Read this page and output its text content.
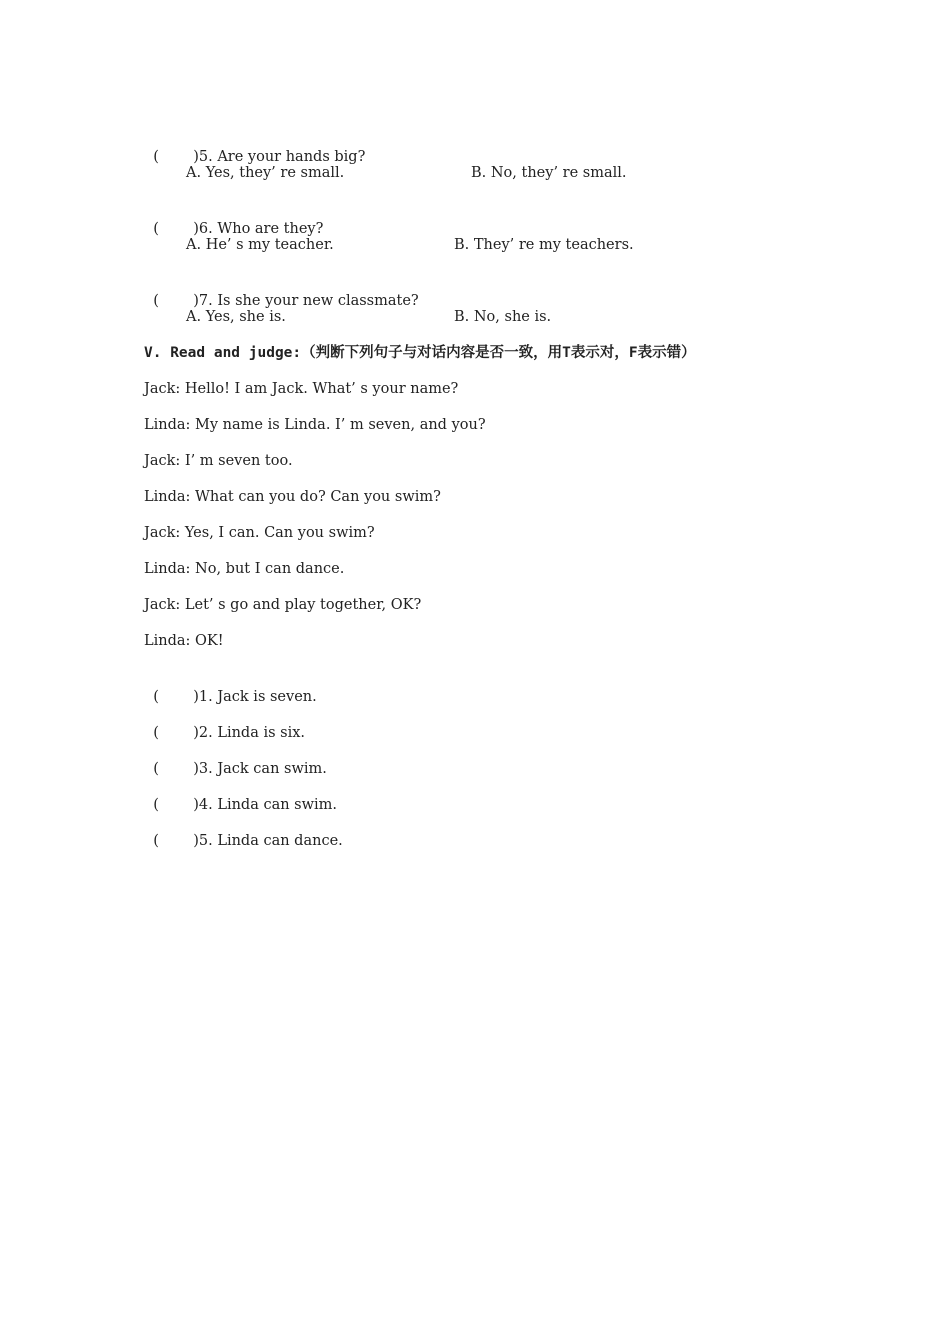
( )5. Are your hands big?

A. Yes, they’ re small.	B. No, they’ re small.

( )6. Who are they?

A. He’ s my teacher.	B. They’ re my teachers.

( )7. Is she your new classmate?

A. Yes, she is.	B. No, she is.
V. Read and judge:（判断下列句子与对话内容是否一致，用T表示对，F表示错）
Jack: Hello! I am Jack. What’ s your name?
Linda: My name is Linda. I’ m seven, and you?
Jack: I’ m seven too.
Linda: What can you do? Can you swim?
Jack: Yes, I can. Can you swim?
Linda: No, but I can dance.
Jack: Let’ s go and play together, OK?
Linda: OK!

( )1. Jack is seven.

( )2. Linda is six.

( )3. Jack can swim.

( )4. Linda can swim.

( )5. Linda can dance.
